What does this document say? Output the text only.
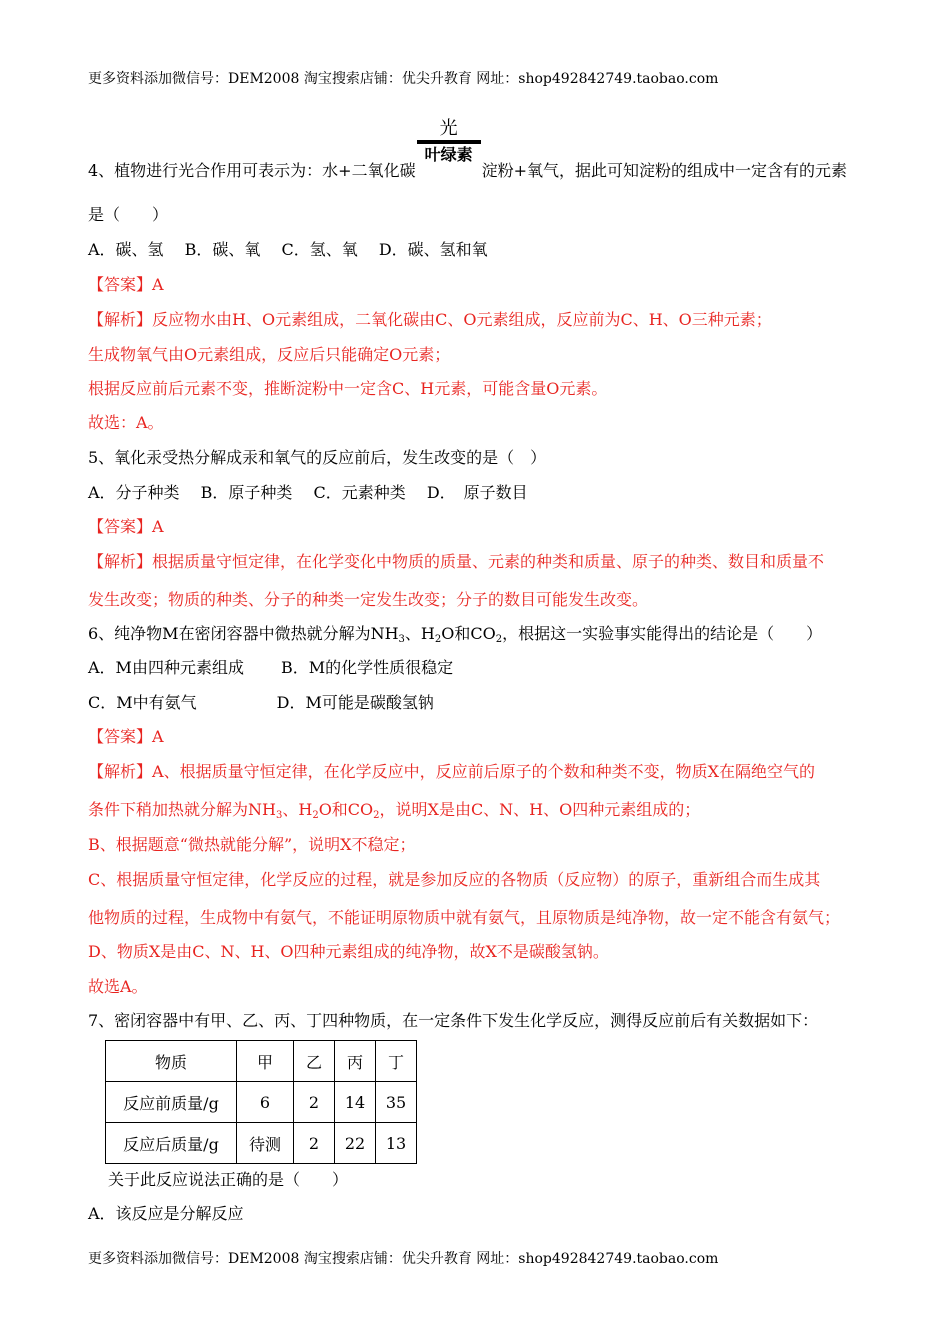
更多资料添加微信号：DEM2008 淘宝搜索店铺：优尖升教育 网址：shop492842749.taobao.com
4、植物进行光合作用可表示为：水+二氧化碳
光
叶绿素
淀粉+氧气，据此可知淀粉的组成中一定含有的元素
是（　　）
A．碳、氢　 B．碳、氧　 C．氢、氧　 D．碳、氢和氧
【答案】A
【解析】反应物水由H、O元素组成，二氧化碳由C、O元素组成，反应前为C、H、O三种元素；
生成物氧气由O元素组成，反应后只能确定O元素；
根据反应前后元素不变，推断淀粉中一定含C、H元素，可能含量O元素。
故选：A。
5、氧化汞受热分解成汞和氧气的反应前后，发生改变的是（　）
A．分子种类　 B．原子种类　 C．元素种类　 D．　原子数目
【答案】A
【解析】根据质量守恒定律，在化学变化中物质的质量、元素的种类和质量、原子的种类、数目和质量不
发生改变；物质的种类、分子的种类一定发生改变；分子的数目可能发生改变。
6、纯净物M在密闭容器中微热就分解为$NH_3$、$H_2O$和$CO_2$，根据这一实验事实能得出的结论是（　　）
A．M由四种元素组成　　 B．M的化学性质很稳定
C．M中有氨气　　　　　D．M可能是碳酸氢钠
【答案】A
【解析】A、根据质量守恒定律，在化学反应中，反应前后原子的个数和种类不变，物质X在隔绝空气的
条件下稍加热就分解为$NH_3$、$H_2O$和$CO_2$，说明X是由C、N、H、O四种元素组成的；
B、根据题意“微热就能分解”，说明X不稳定；
C、根据质量守恒定律，化学反应的过程，就是参加反应的各物质（反应物）的原子，重新组合而生成其
他物质的过程，生成物中有氨气，不能证明原物质中就有氨气，且原物质是纯净物，故一定不能含有氨气；
D、物质X是由C、N、H、O四种元素组成的纯净物，故X不是碳酸氢钠。
故选A。
7、密闭容器中有甲、乙、丙、丁四种物质，在一定条件下发生化学反应，测得反应前后有关数据如下：
物质	甲	乙	丙	丁
反应前质量/g	6	2	14	35
反应后质量/g	待测	2	22	13
关于此反应说法正确的是（　　）
A．该反应是分解反应
更多资料添加微信号：DEM2008 淘宝搜索店铺：优尖升教育 网址：shop492842749.taobao.com
